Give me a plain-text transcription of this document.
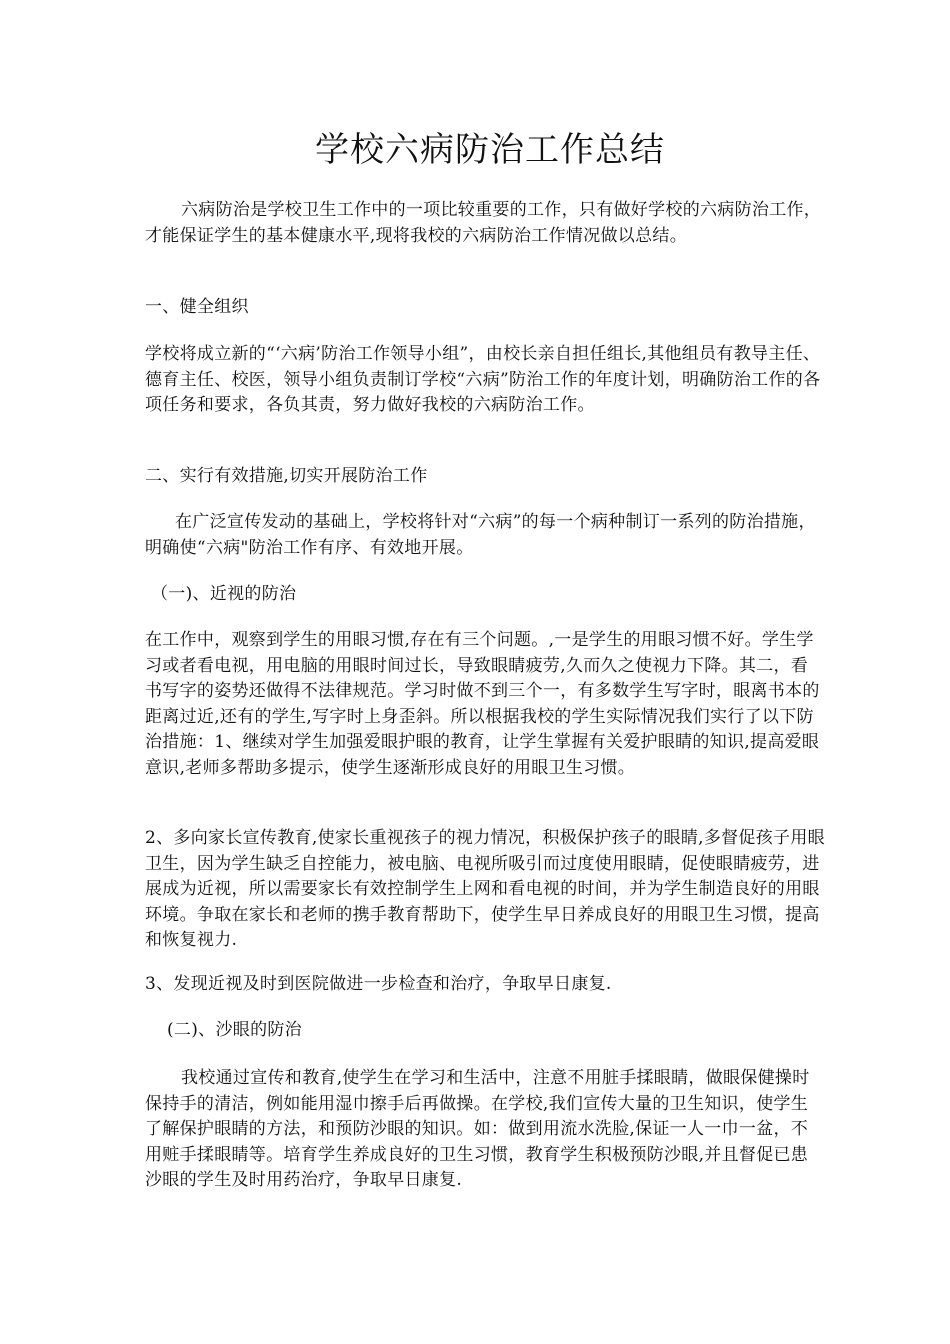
学校六病防治工作总结

六病防治是学校卫生工作中的一项比较重要的工作，只有做好学校的六病防治工作，才能保证学生的基本健康水平,现将我校的六病防治工作情况做以总结。

一、健全组织

学校将成立新的“‘六病’防治工作领导小组”，由校长亲自担任组长,其他组员有教导主任、德育主任、校医，领导小组负责制订学校“六病”防治工作的年度计划，明确防治工作的各项任务和要求，各负其责，努力做好我校的六病防治工作。

二、实行有效措施,切实开展防治工作

在广泛宣传发动的基础上，学校将针对“六病”的每一个病种制订一系列的防治措施，明确使“六病"防治工作有序、有效地开展。

（一)、近视的防治

在工作中，观察到学生的用眼习惯,存在有三个问题。,一是学生的用眼习惯不好。学生学习或者看电视，用电脑的用眼时间过长，导致眼睛疲劳,久而久之使视力下降。其二，看书写字的姿势还做得不法律规范。学习时做不到三个一，有多数学生写字时，眼离书本的距离过近,还有的学生,写字时上身歪斜。所以根据我校的学生实际情况我们实行了以下防治措施：1、继续对学生加强爱眼护眼的教育，让学生掌握有关爱护眼睛的知识,提高爱眼意识,老师多帮助多提示，使学生逐渐形成良好的用眼卫生习惯。

2、多向家长宣传教育,使家长重视孩子的视力情况，积极保护孩子的眼睛,多督促孩子用眼卫生，因为学生缺乏自控能力，被电脑、电视所吸引而过度使用眼睛，促使眼睛疲劳，进展成为近视，所以需要家长有效控制学生上网和看电视的时间，并为学生制造良好的用眼环境。争取在家长和老师的携手教育帮助下，使学生早日养成良好的用眼卫生习惯，提高和恢复视力.

3、发现近视及时到医院做进一步检查和治疗，争取早日康复.

(二)、沙眼的防治

我校通过宣传和教育,使学生在学习和生活中，注意不用脏手揉眼睛，做眼保健操时保持手的清洁，例如能用湿巾擦手后再做操。在学校,我们宣传大量的卫生知识，使学生了解保护眼睛的方法，和预防沙眼的知识。如：做到用流水洗脸,保证一人一巾一盆，不用赃手揉眼睛等。培育学生养成良好的卫生习惯，教育学生积极预防沙眼,并且督促已患沙眼的学生及时用药治疗，争取早日康复.
